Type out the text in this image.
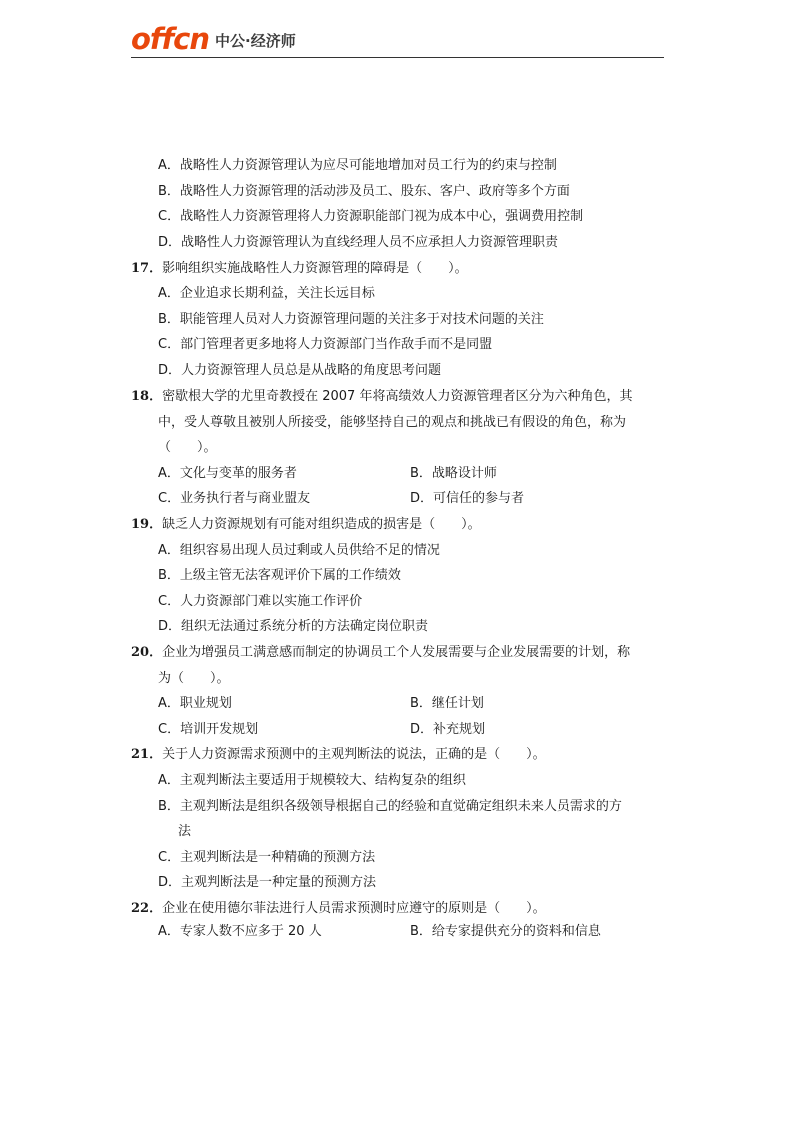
offcn 中公·经济师
A．战略性人力资源管理认为应尽可能地增加对员工行为的约束与控制
B．战略性人力资源管理的活动涉及员工、股东、客户、政府等多个方面
C．战略性人力资源管理将人力资源职能部门视为成本中心，强调费用控制
D．战略性人力资源管理认为直线经理人员不应承担人力资源管理职责
17．影响组织实施战略性人力资源管理的障碍是（　　）。
A．企业追求长期利益，关注长远目标
B．职能管理人员对人力资源管理问题的关注多于对技术问题的关注
C．部门管理者更多地将人力资源部门当作敌手而不是同盟
D．人力资源管理人员总是从战略的角度思考问题
18．密歇根大学的尤里奇教授在 2007 年将高绩效人力资源管理者区分为六种角色，其
中，受人尊敬且被别人所接受，能够坚持自己的观点和挑战已有假设的角色，称为
（　　）。
A．文化与变革的服务者	B．战略设计师
C．业务执行者与商业盟友	D．可信任的参与者
19．缺乏人力资源规划有可能对组织造成的损害是（　　）。
A．组织容易出现人员过剩或人员供给不足的情况
B．上级主管无法客观评价下属的工作绩效
C．人力资源部门难以实施工作评价
D．组织无法通过系统分析的方法确定岗位职责
20．企业为增强员工满意感而制定的协调员工个人发展需要与企业发展需要的计划，称
为（　　）。
A．职业规划	B．继任计划
C．培训开发规划	D．补充规划
21．关于人力资源需求预测中的主观判断法的说法，正确的是（　　）。
A．主观判断法主要适用于规模较大、结构复杂的组织
B．主观判断法是组织各级领导根据自己的经验和直觉确定组织未来人员需求的方
法
C．主观判断法是一种精确的预测方法
D．主观判断法是一种定量的预测方法
22．企业在使用德尔菲法进行人员需求预测时应遵守的原则是（　　）。
A．专家人数不应多于 20 人	B．给专家提供充分的资料和信息
